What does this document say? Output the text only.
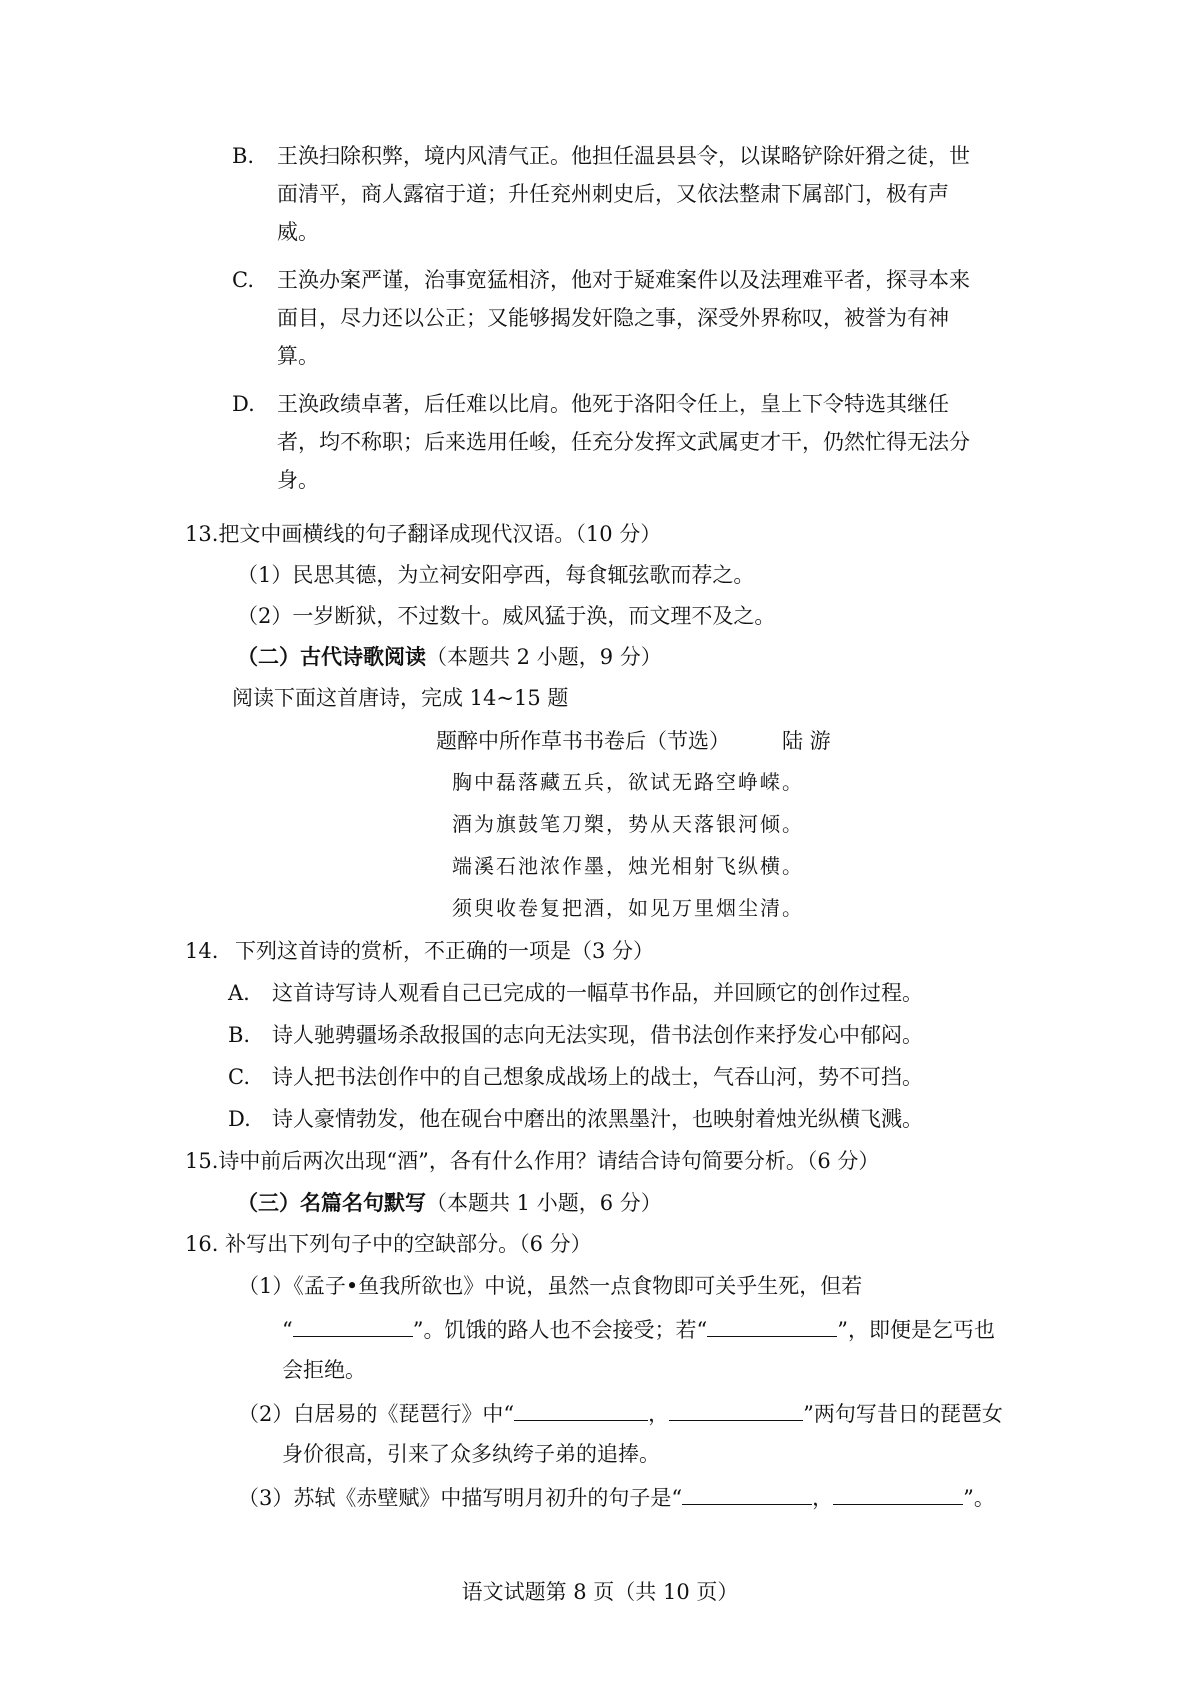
B. 王涣扫除积弊，境内风清气正。他担任温县县令，以谋略铲除奸猾之徒，世
面清平，商人露宿于道；升任兖州刺史后，又依法整肃下属部门，极有声
威。
C. 王涣办案严谨，治事宽猛相济，他对于疑难案件以及法理难平者，探寻本来
面目，尽力还以公正；又能够揭发奸隐之事，深受外界称叹，被誉为有神
算。
D. 王涣政绩卓著，后任难以比肩。他死于洛阳令任上，皇上下令特选其继任
者，均不称职；后来选用任峻，任充分发挥文武属吏才干，仍然忙得无法分
身。
13.把文中画横线的句子翻译成现代汉语。（10 分）
（1）民思其德，为立祠安阳亭西，每食辄弦歌而荐之。
（2）一岁断狱，不过数十。威风猛于涣，而文理不及之。
（二）古代诗歌阅读（本题共 2 小题，9 分）
阅读下面这首唐诗，完成 14~15 题
题醉中所作草书书卷后（节选） 陆 游
胸中磊落藏五兵，欲试无路空峥嵘。
酒为旗鼓笔刀槊，势从天落银河倾。
端溪石池浓作墨，烛光相射飞纵横。
须臾收卷复把酒，如见万里烟尘清。
14. 下列这首诗的赏析，不正确的一项是（3 分）
A. 这首诗写诗人观看自己已完成的一幅草书作品，并回顾它的创作过程。
B. 诗人驰骋疆场杀敌报国的志向无法实现，借书法创作来抒发心中郁闷。
C. 诗人把书法创作中的自己想象成战场上的战士，气吞山河，势不可挡。
D. 诗人豪情勃发，他在砚台中磨出的浓黑墨汁，也映射着烛光纵横飞溅。
15.诗中前后两次出现“酒”，各有什么作用？请结合诗句简要分析。（6 分）
（三）名篇名句默写（本题共 1 小题，6 分）
16. 补写出下列句子中的空缺部分。（6 分）
（1）《孟子•鱼我所欲也》中说，虽然一点食物即可关乎生死，但若
“	”。饥饿的路人也不会接受；若“	”，即便是乞丐也
会拒绝。
（2）白居易的《琵琶行》中“	，	”两句写昔日的琵琶女
身价很高，引来了众多纨绔子弟的追捧。
（3）苏轼《赤壁赋》中描写明月初升的句子是“	，	”。
语文试题第 8 页（共 10 页）
